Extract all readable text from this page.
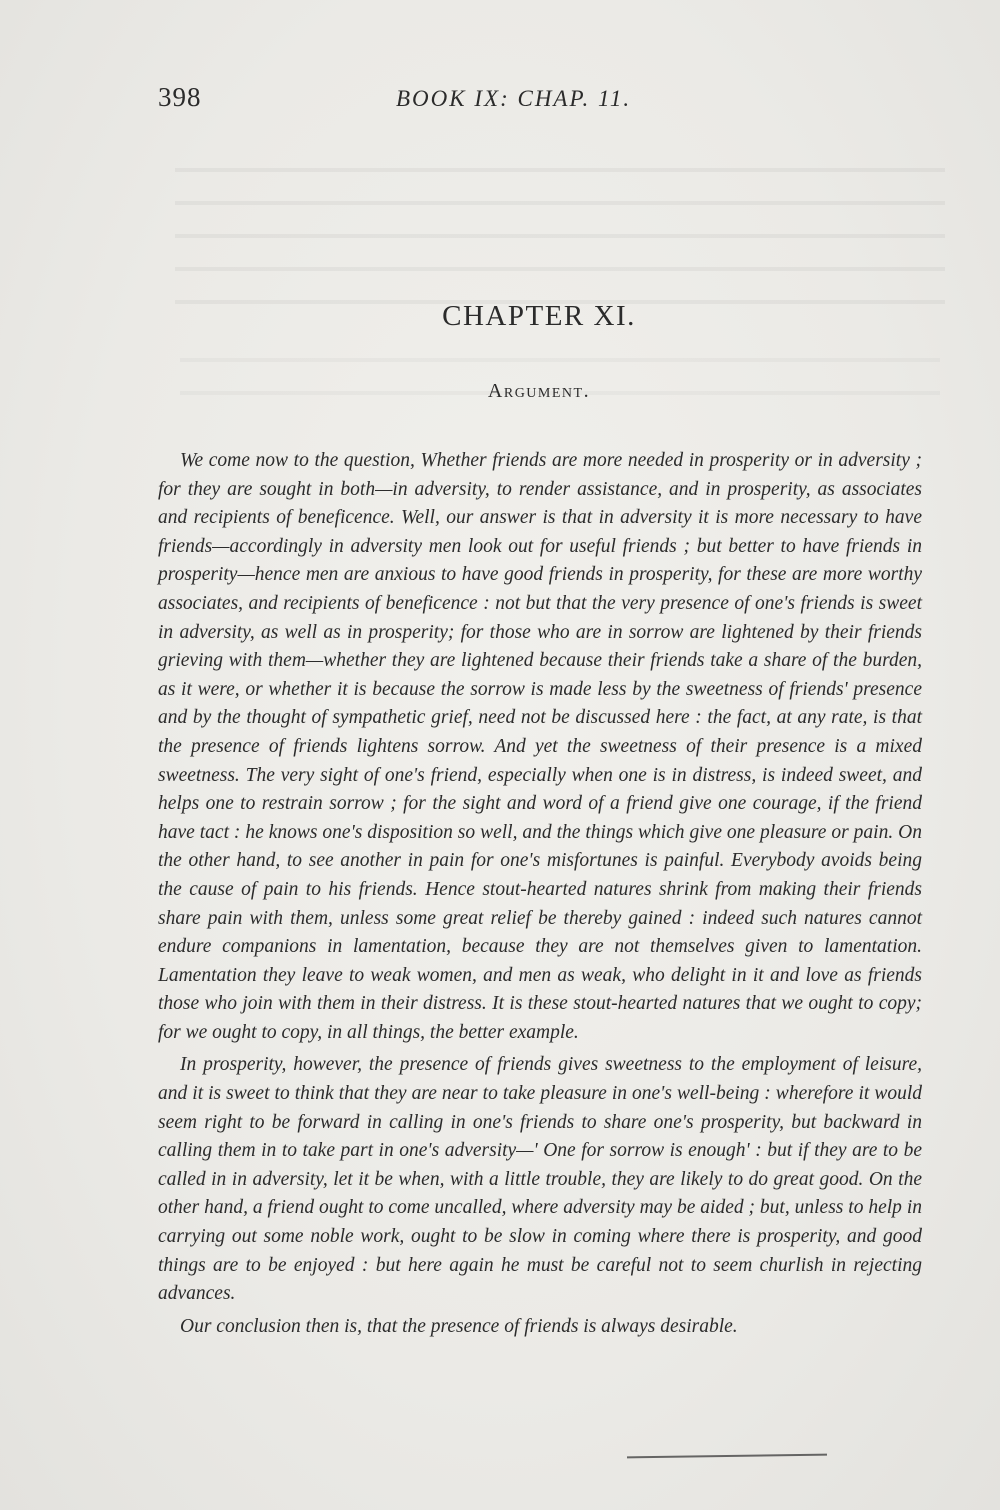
398	BOOK IX: CHAP. 11.
CHAPTER XI.
Argument.

We come now to the question, Whether friends are more needed in prosperity or in adversity ; for they are sought in both—in adversity, to render assistance, and in prosperity, as associates and recipients of beneficence. Well, our answer is that in adversity it is more necessary to have friends—accordingly in adversity men look out for useful friends ; but better to have friends in prosperity—hence men are anxious to have good friends in prosperity, for these are more worthy associates, and recipients of beneficence : not but that the very presence of one's friends is sweet in adversity, as well as in prosperity; for those who are in sorrow are lightened by their friends grieving with them—whether they are lightened because their friends take a share of the burden, as it were, or whether it is because the sorrow is made less by the sweetness of friends' presence and by the thought of sympathetic grief, need not be discussed here : the fact, at any rate, is that the presence of friends lightens sorrow. And yet the sweetness of their presence is a mixed sweetness. The very sight of one's friend, especially when one is in distress, is indeed sweet, and helps one to restrain sorrow ; for the sight and word of a friend give one courage, if the friend have tact : he knows one's disposition so well, and the things which give one pleasure or pain. On the other hand, to see another in pain for one's misfortunes is painful. Everybody avoids being the cause of pain to his friends. Hence stout-hearted natures shrink from making their friends share pain with them, unless some great relief be thereby gained : indeed such natures cannot endure companions in lamentation, because they are not themselves given to lamentation. Lamentation they leave to weak women, and men as weak, who delight in it and love as friends those who join with them in their distress. It is these stout-hearted natures that we ought to copy; for we ought to copy, in all things, the better example.

In prosperity, however, the presence of friends gives sweetness to the employment of leisure, and it is sweet to think that they are near to take pleasure in one's well-being : wherefore it would seem right to be forward in calling in one's friends to share one's prosperity, but backward in calling them in to take part in one's adversity—' One for sorrow is enough' : but if they are to be called in in adversity, let it be when, with a little trouble, they are likely to do great good. On the other hand, a friend ought to come uncalled, where adversity may be aided ; but, unless to help in carrying out some noble work, ought to be slow in coming where there is prosperity, and good things are to be enjoyed : but here again he must be careful not to seem churlish in rejecting advances.

Our conclusion then is, that the presence of friends is always desirable.
